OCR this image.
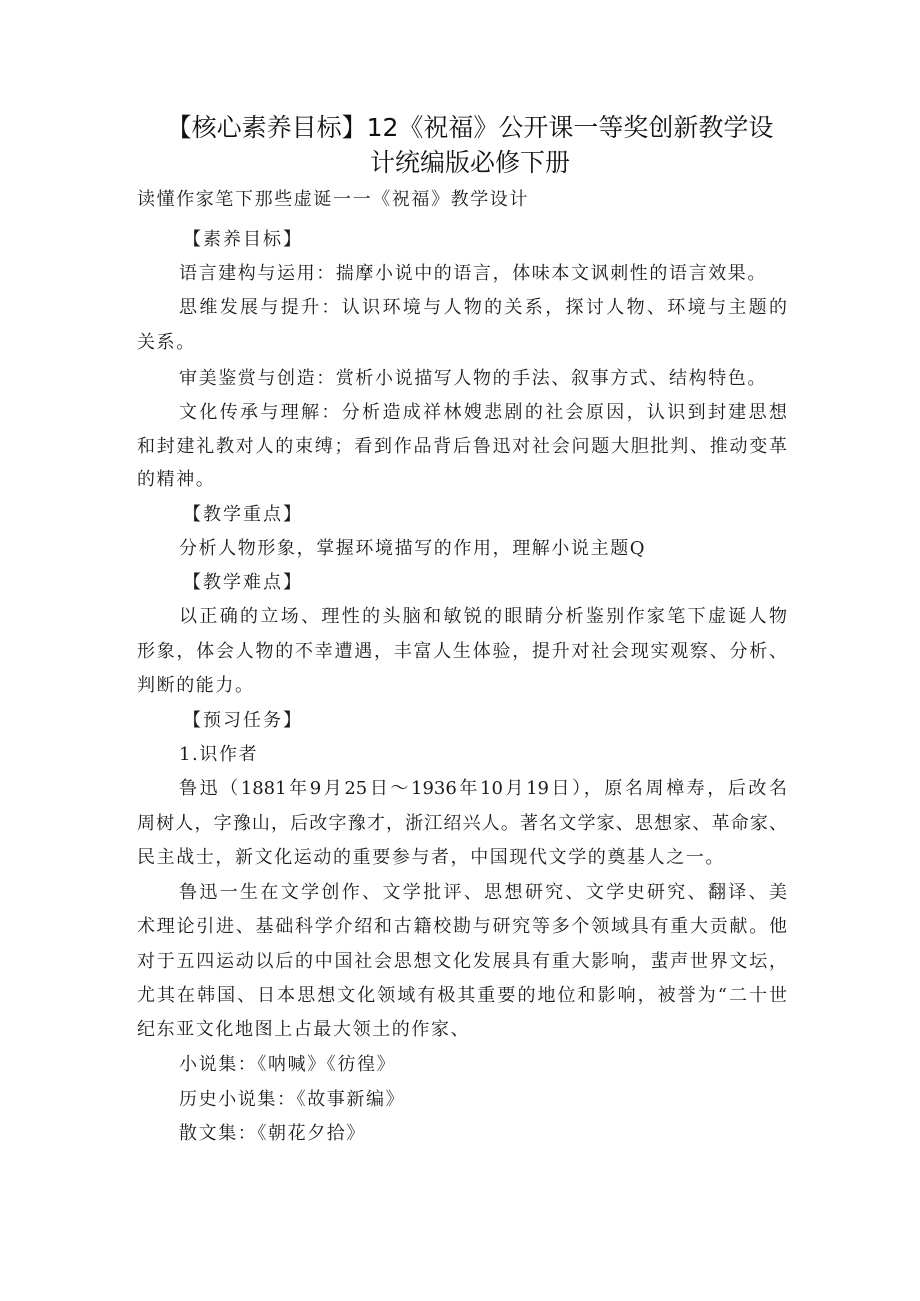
【核心素养目标】12《祝福》公开课一等奖创新教学设
计统编版必修下册

读懂作家笔下那些虚诞一一《祝福》教学设计

【素养目标】

语言建构与运用：揣摩小说中的语言，体味本文讽刺性的语言效果。

思维发展与提升：认识环境与人物的关系，探讨人物、环境与主题的

关系。

审美鉴赏与创造：赏析小说描写人物的手法、叙事方式、结构特色。

文化传承与理解：分析造成祥林嫂悲剧的社会原因，认识到封建思想

和封建礼教对人的束缚；看到作品背后鲁迅对社会问题大胆批判、推动变革

的精神。

【教学重点】

分析人物形象，掌握环境描写的作用，理解小说主题Q

【教学难点】

以正确的立场、理性的头脑和敏锐的眼睛分析鉴别作家笔下虚诞人物

形象，体会人物的不幸遭遇，丰富人生体验，提升对社会现实观察、分析、

判断的能力。

【预习任务】

1.识作者

鲁迅（1881年9月25日～1936年10月19日），原名周樟寿，后改名

周树人，字豫山，后改字豫才，浙江绍兴人。著名文学家、思想家、革命家、

民主战士，新文化运动的重要参与者，中国现代文学的奠基人之一。

鲁迅一生在文学创作、文学批评、思想研究、文学史研究、翻译、美

术理论引进、基础科学介绍和古籍校勘与研究等多个领域具有重大贡献。他

对于五四运动以后的中国社会思想文化发展具有重大影响，蜚声世界文坛，

尤其在韩国、日本思想文化领域有极其重要的地位和影响，被誉为“二十世

纪东亚文化地图上占最大领土的作家、

小说集：《呐喊》《彷徨》

历史小说集：《故事新编》

散文集：《朝花夕拾》
